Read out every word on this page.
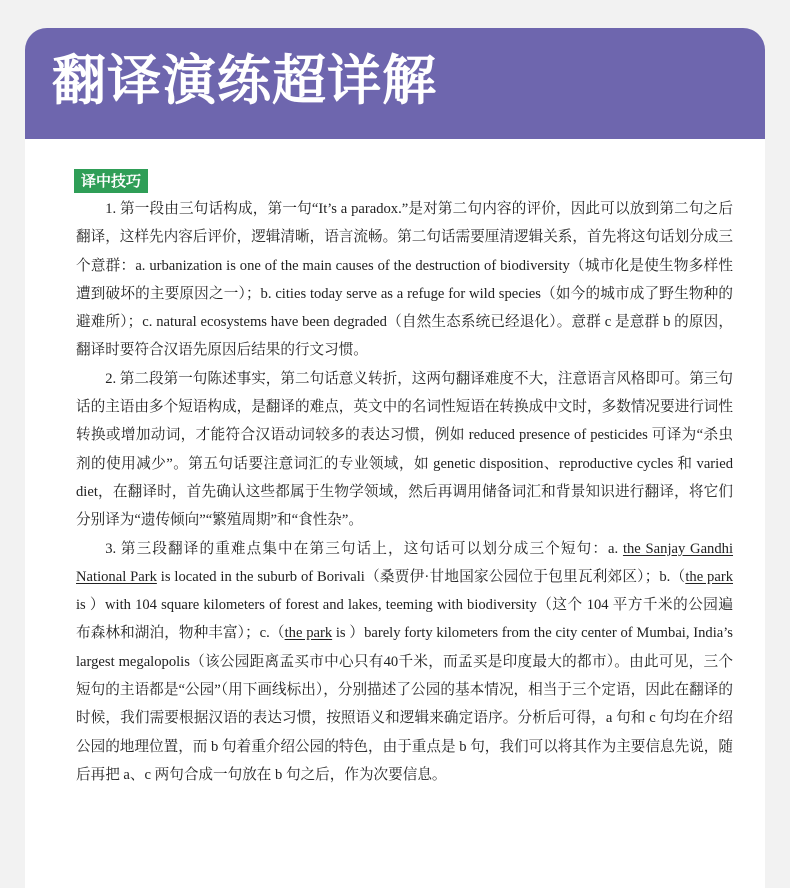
翻译演练超详解
译中技巧

1. 第一段由三句话构成，第一句“It’s a paradox.”是对第二句内容的评价，因此可以放到第二句之后翻译，这样先内容后评价，逻辑清晰，语言流畅。第二句话需要厘清逻辑关系，首先将这句话划分成三个意群：a. urbanization is one of the main causes of the destruction of biodiversity（城市化是使生物多样性遭到破坏的主要原因之一）；b. cities today serve as a refuge for wild species（如今的城市成了野生物种的避难所）；c. natural ecosystems have been degraded（自然生态系统已经退化）。意群 c 是意群 b 的原因，翻译时要符合汉语先原因后结果的行文习惯。

2. 第二段第一句陈述事实，第二句话意义转折，这两句翻译难度不大，注意语言风格即可。第三句话的主语由多个短语构成，是翻译的难点，英文中的名词性短语在转换成中文时，多数情况要进行词性转换或增加动词，才能符合汉语动词较多的表达习惯，例如 reduced presence of pesticides 可译为“杀虫剂的使用减少”。第五句话要注意词汇的专业领域，如 genetic disposition、reproductive cycles 和 varied diet，在翻译时，首先确认这些都属于生物学领域，然后再调用储备词汇和背景知识进行翻译，将它们分别译为“遗传倾向”“繁殖周期”和“食性杂”。

3. 第三段翻译的重难点集中在第三句话上，这句话可以划分成三个短句：a. the Sanjay Gandhi National Park is located in the suburb of Borivali（桑贾伊·甘地国家公园位于包里瓦利郊区）；b.（the park is ）with 104 square kilometers of forest and lakes, teeming with biodiversity（这个 104 平方千米的公园遍布森林和湖泊，物种丰富）；c.（the park is ）barely forty kilometers from the city center of Mumbai, India’s largest megalopolis（该公园距离孟买市中心只有40千米，而孟买是印度最大的都市）。由此可见，三个短句的主语都是“公园”（用下画线标出），分别描述了公园的基本情况，相当于三个定语，因此在翻译的时候，我们需要根据汉语的表达习惯，按照语义和逻辑来确定语序。分析后可得，a 句和 c 句均在介绍公园的地理位置，而 b 句着重介绍公园的特色，由于重点是 b 句，我们可以将其作为主要信息先说，随后再把 a、c 两句合成一句放在 b 句之后，作为次要信息。
